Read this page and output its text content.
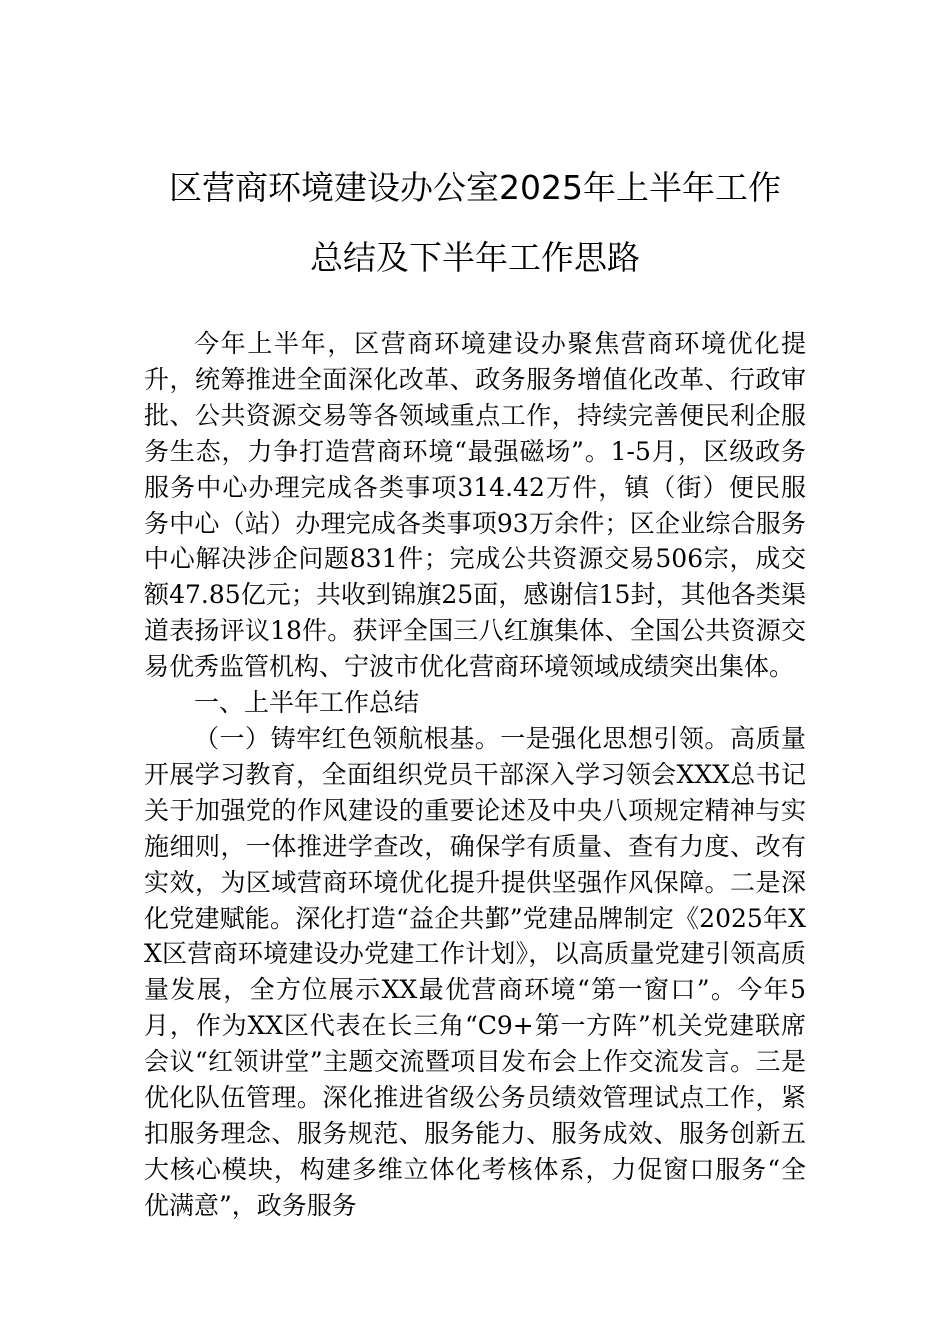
区营商环境建设办公室2025年上半年工作
总结及下半年工作思路

今年上半年，区营商环境建设办聚焦营商环境优化提升，统筹推进全面深化改革、政务服务增值化改革、行政审批、公共资源交易等各领域重点工作，持续完善便民利企服务生态，力争打造营商环境“最强磁场”。1-5月，区级政务服务中心办理完成各类事项314.42万件，镇（街）便民服务中心（站）办理完成各类事项93万余件；区企业综合服务中心解决涉企问题831件；完成公共资源交易506宗，成交额47.85亿元；共收到锦旗25面，感谢信15封，其他各类渠道表扬评议18件。获评全国三八红旗集体、全国公共资源交易优秀监管机构、宁波市优化营商环境领域成绩突出集体。

一、上半年工作总结

（一）铸牢红色领航根基。一是强化思想引领。高质量开展学习教育，全面组织党员干部深入学习领会XXX总书记关于加强党的作风建设的重要论述及中央八项规定精神与实施细则，一体推进学查改，确保学有质量、查有力度、改有实效，为区域营商环境优化提升提供坚强作风保障。二是深化党建赋能。深化打造“益企共鄞”党建品牌制定《2025年XX区营商环境建设办党建工作计划》，以高质量党建引领高质量发展，全方位展示XX最优营商环境“第一窗口”。今年5月，作为XX区代表在长三角“C9+第一方阵”机关党建联席会议“红领讲堂”主题交流暨项目发布会上作交流发言。三是优化队伍管理。深化推进省级公务员绩效管理试点工作，紧扣服务理念、服务规范、服务能力、服务成效、服务创新五大核心模块，构建多维立体化考核体系，力促窗口服务“全优满意”，政务服务
